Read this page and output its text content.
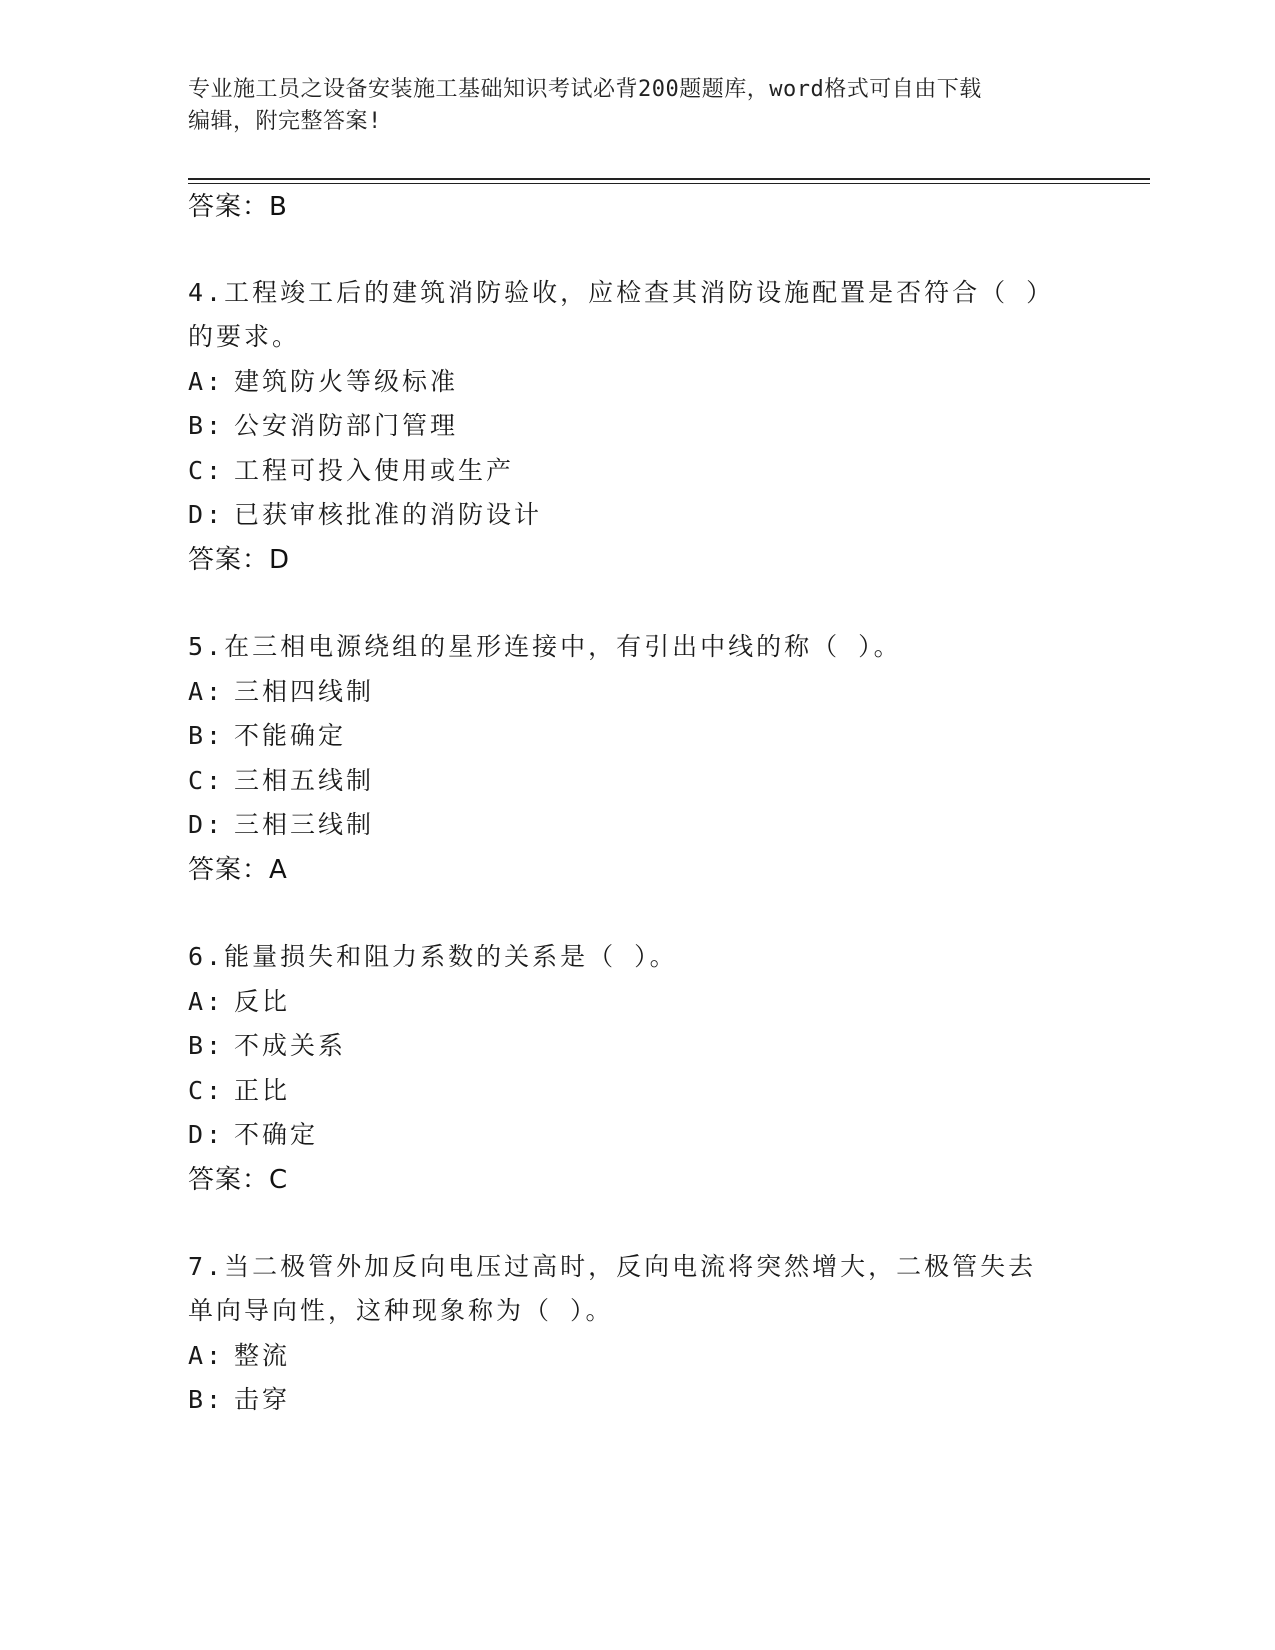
专业施工员之设备安装施工基础知识考试必背200题题库，word格式可自由下载
编辑，附完整答案!
答案：B
4.工程竣工后的建筑消防验收，应检查其消防设施配置是否符合（ ）
的要求。
A: 建筑防火等级标准
B: 公安消防部门管理
C: 工程可投入使用或生产
D: 已获审核批准的消防设计
答案：D
5.在三相电源绕组的星形连接中，有引出中线的称（ ）。
A: 三相四线制
B: 不能确定
C: 三相五线制
D: 三相三线制
答案：A
6.能量损失和阻力系数的关系是（ ）。
A: 反比
B: 不成关系
C: 正比
D: 不确定
答案：C
7.当二极管外加反向电压过高时，反向电流将突然增大，二极管失去
单向导向性，这种现象称为（ ）。
A: 整流
B: 击穿
